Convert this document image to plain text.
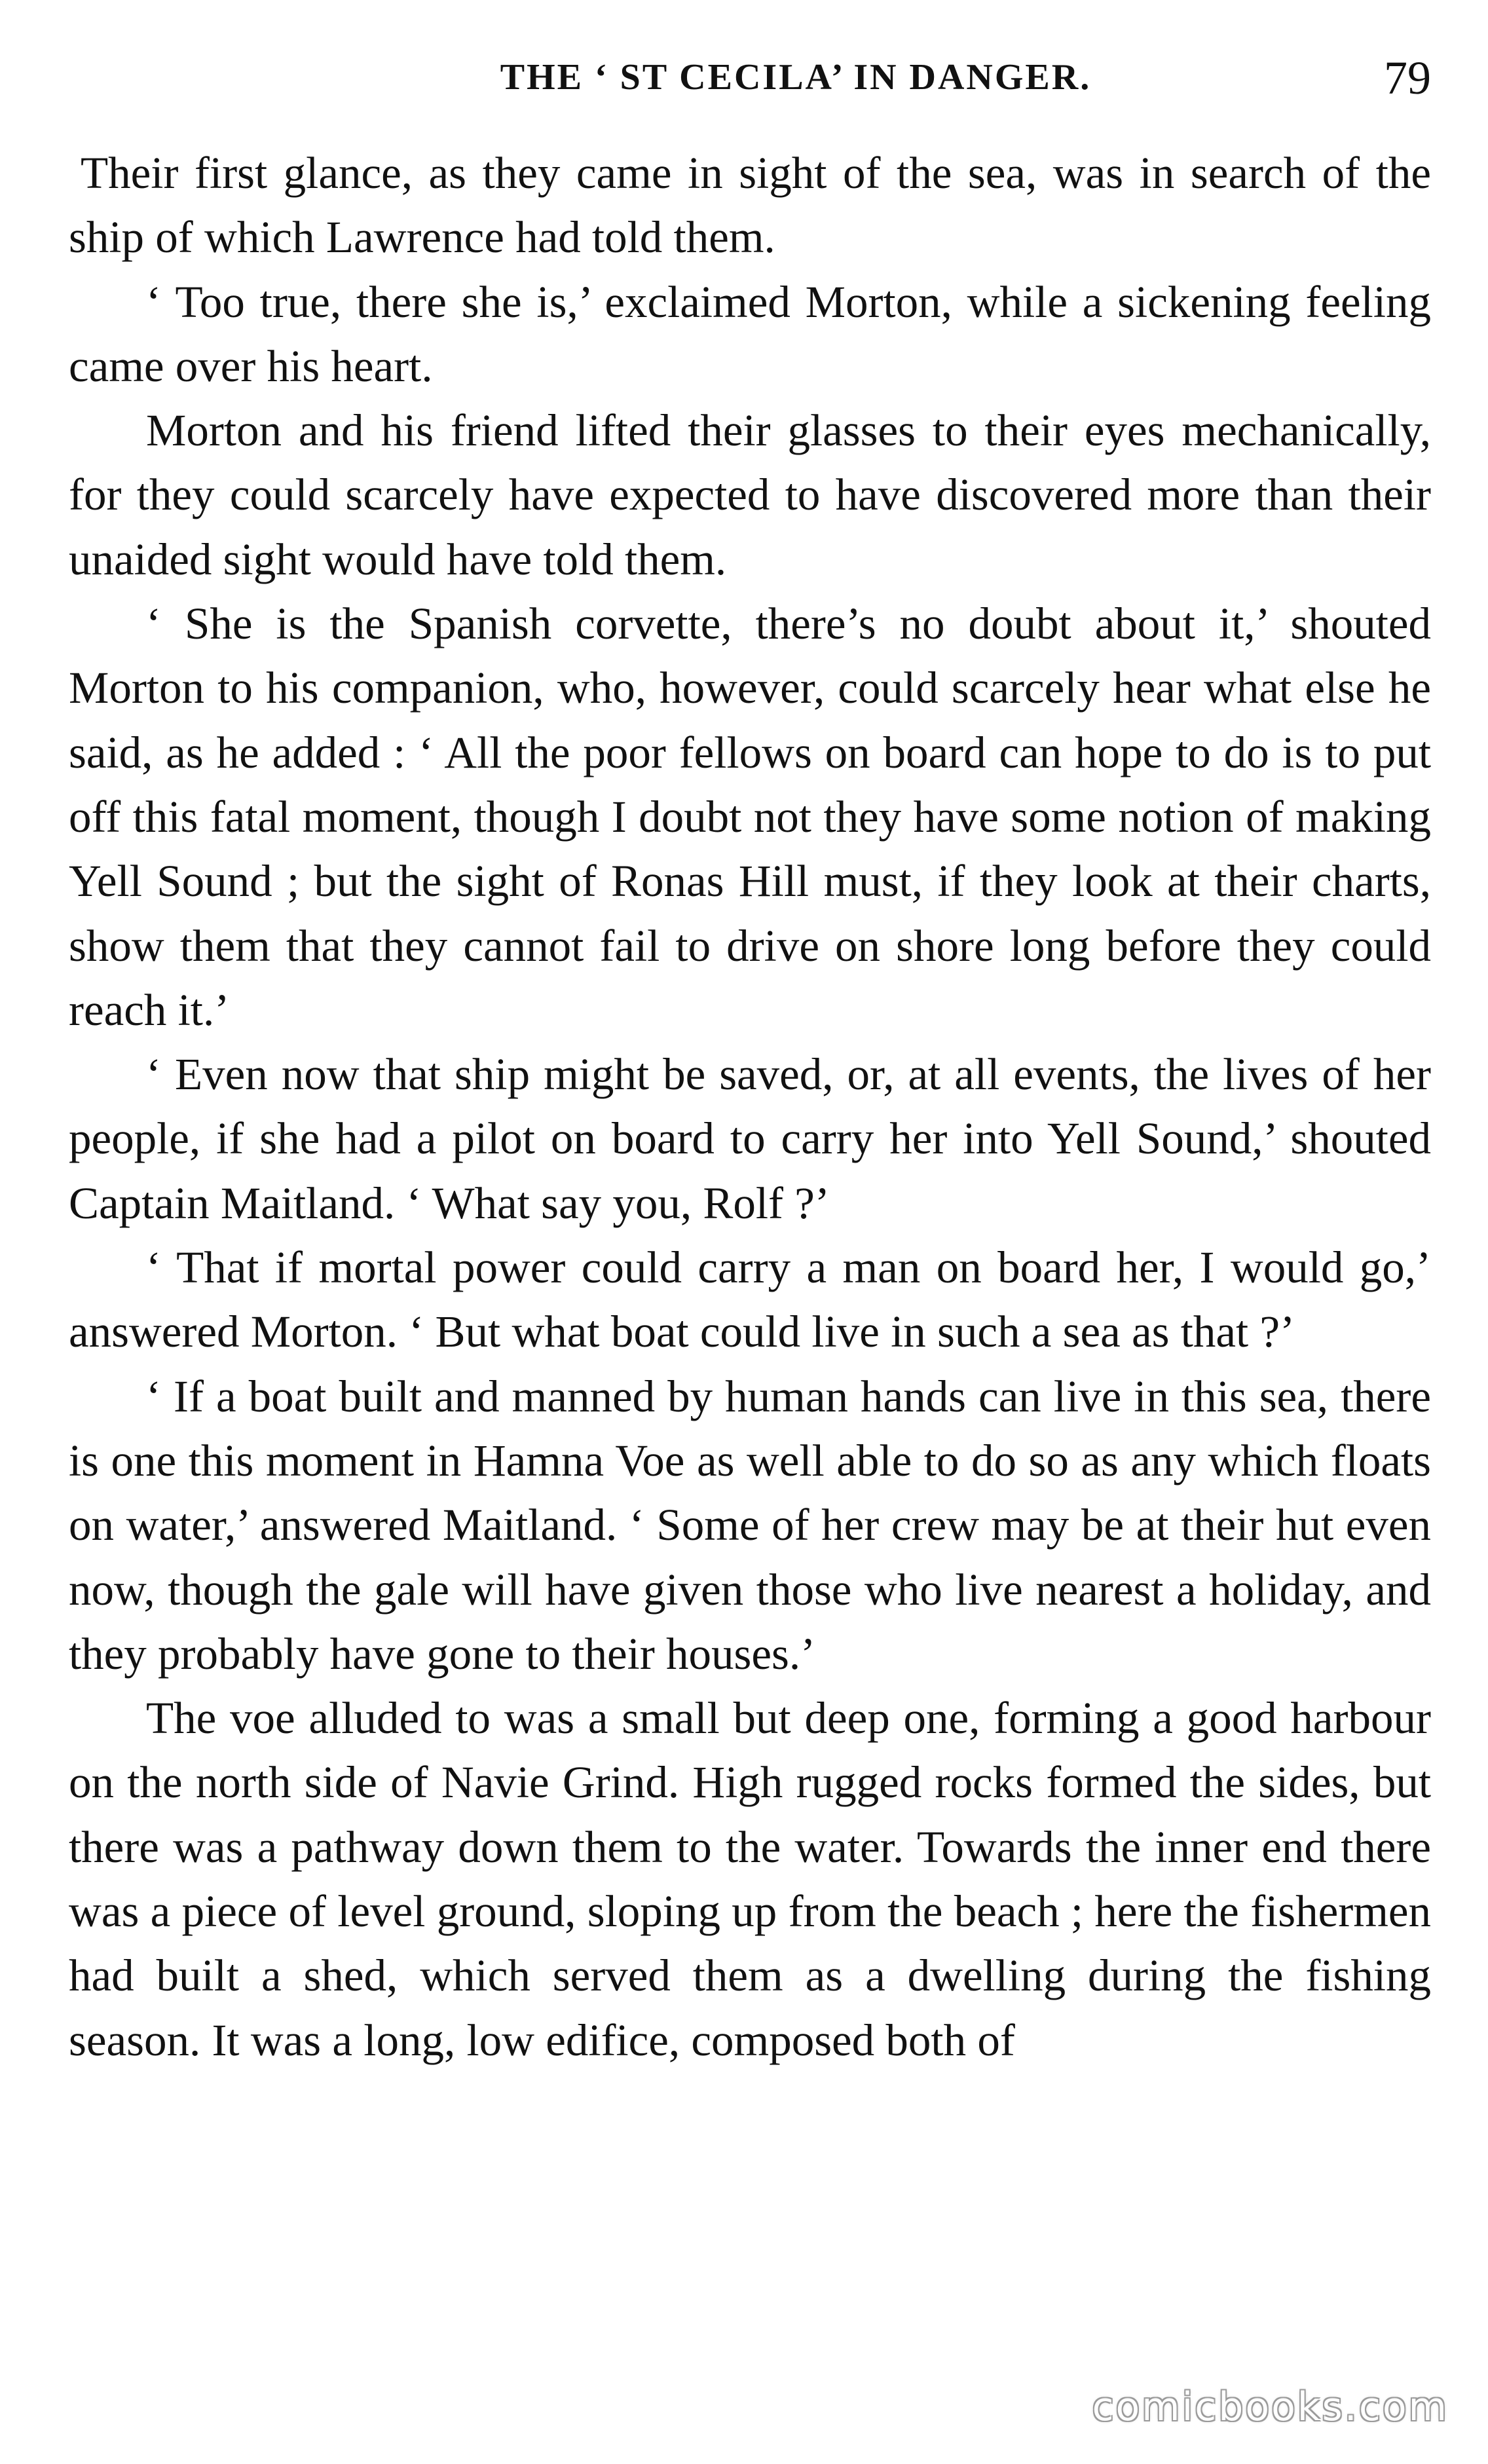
THE ‘ ST CECILA’ IN DANGER.	79

Their first glance, as they came in sight of the sea, was in search of the ship of which Lawrence had told them.

‘ Too true, there she is,’ exclaimed Morton, while a sickening feeling came over his heart.

Morton and his friend lifted their glasses to their eyes mechanically, for they could scarcely have expected to have discovered more than their unaided sight would have told them.

‘ She is the Spanish corvette, there’s no doubt about it,’ shouted Morton to his companion, who, however, could scarcely hear what else he said, as he added : ‘ All the poor fellows on board can hope to do is to put off this fatal moment, though I doubt not they have some notion of making Yell Sound ; but the sight of Ronas Hill must, if they look at their charts, show them that they cannot fail to drive on shore long before they could reach it.’

‘ Even now that ship might be saved, or, at all events, the lives of her people, if she had a pilot on board to carry her into Yell Sound,’ shouted Captain Maitland. ‘ What say you, Rolf ?’

‘ That if mortal power could carry a man on board her, I would go,’ answered Morton. ‘ But what boat could live in such a sea as that ?’

‘ If a boat built and manned by human hands can live in this sea, there is one this moment in Hamna Voe as well able to do so as any which floats on water,’ answered Maitland. ‘ Some of her crew may be at their hut even now, though the gale will have given those who live nearest a holiday, and they probably have gone to their houses.’

The voe alluded to was a small but deep one, forming a good harbour on the north side of Navie Grind. High rugged rocks formed the sides, but there was a pathway down them to the water. Towards the inner end there was a piece of level ground, sloping up from the beach ; here the fishermen had built a shed, which served them as a dwelling during the fishing season. It was a long, low edifice, composed both of

comicbooks.com
